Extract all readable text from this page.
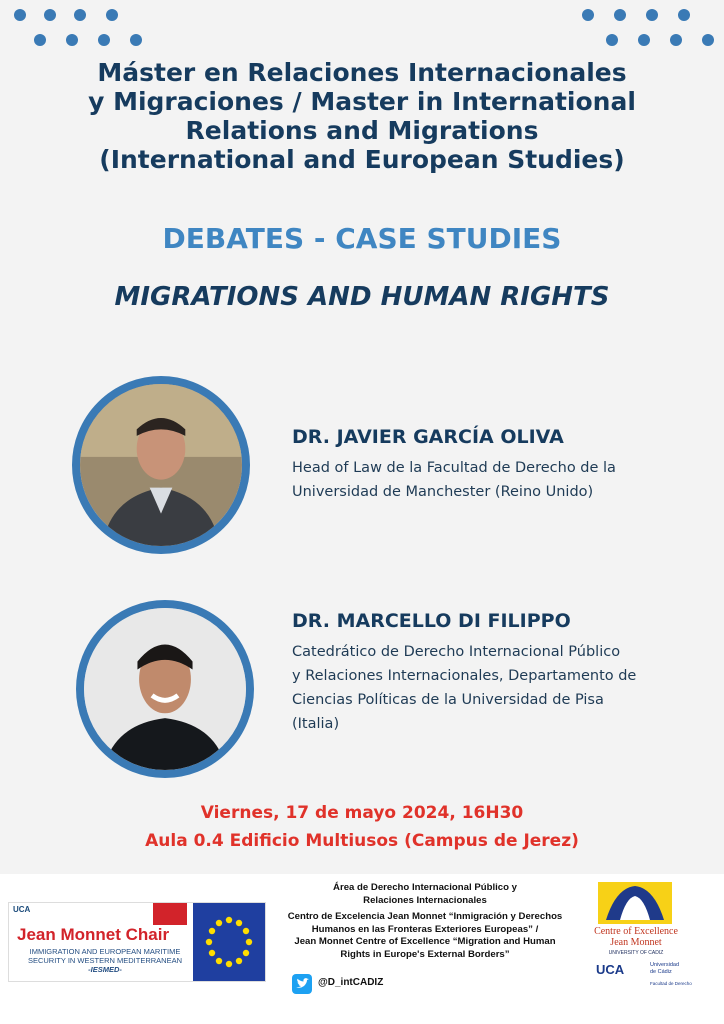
Máster en Relaciones Internacionales
y Migraciones / Master in International
Relations and Migrations
(International and European Studies)
DEBATES - CASE STUDIES
MIGRATIONS AND HUMAN RIGHTS
DR. JAVIER GARCÍA OLIVA
Head of Law de la Facultad de Derecho de la
Universidad de Manchester (Reino Unido)
DR. MARCELLO DI FILIPPO
Catedrático de Derecho Internacional Público
y Relaciones Internacionales, Departamento de
Ciencias Políticas de la Universidad de Pisa
(Italia)
Viernes, 17 de mayo 2024, 16H30
Aula 0.4 Edificio Multiusos (Campus de Jerez)
UCA
Jean Monnet Chair
IMMIGRATION AND EUROPEAN MARITIME
SECURITY IN WESTERN MEDITERRANEAN
-IESMED-
Área de Derecho Internacional Público y
Relaciones Internacionales
Centro de Excelencia Jean Monnet “Inmigración y Derechos
Humanos en las Fronteras Exteriores Europeas” /
Jean Monnet Centre of Excellence “Migration and Human
Rights in Europe's External Borders”
@D_intCADIZ
Centre of Excellence
Jean Monnet
UNIVERSITY OF CADIZ
UCA	Universidad
de Cádiz
Facultad de Derecho
